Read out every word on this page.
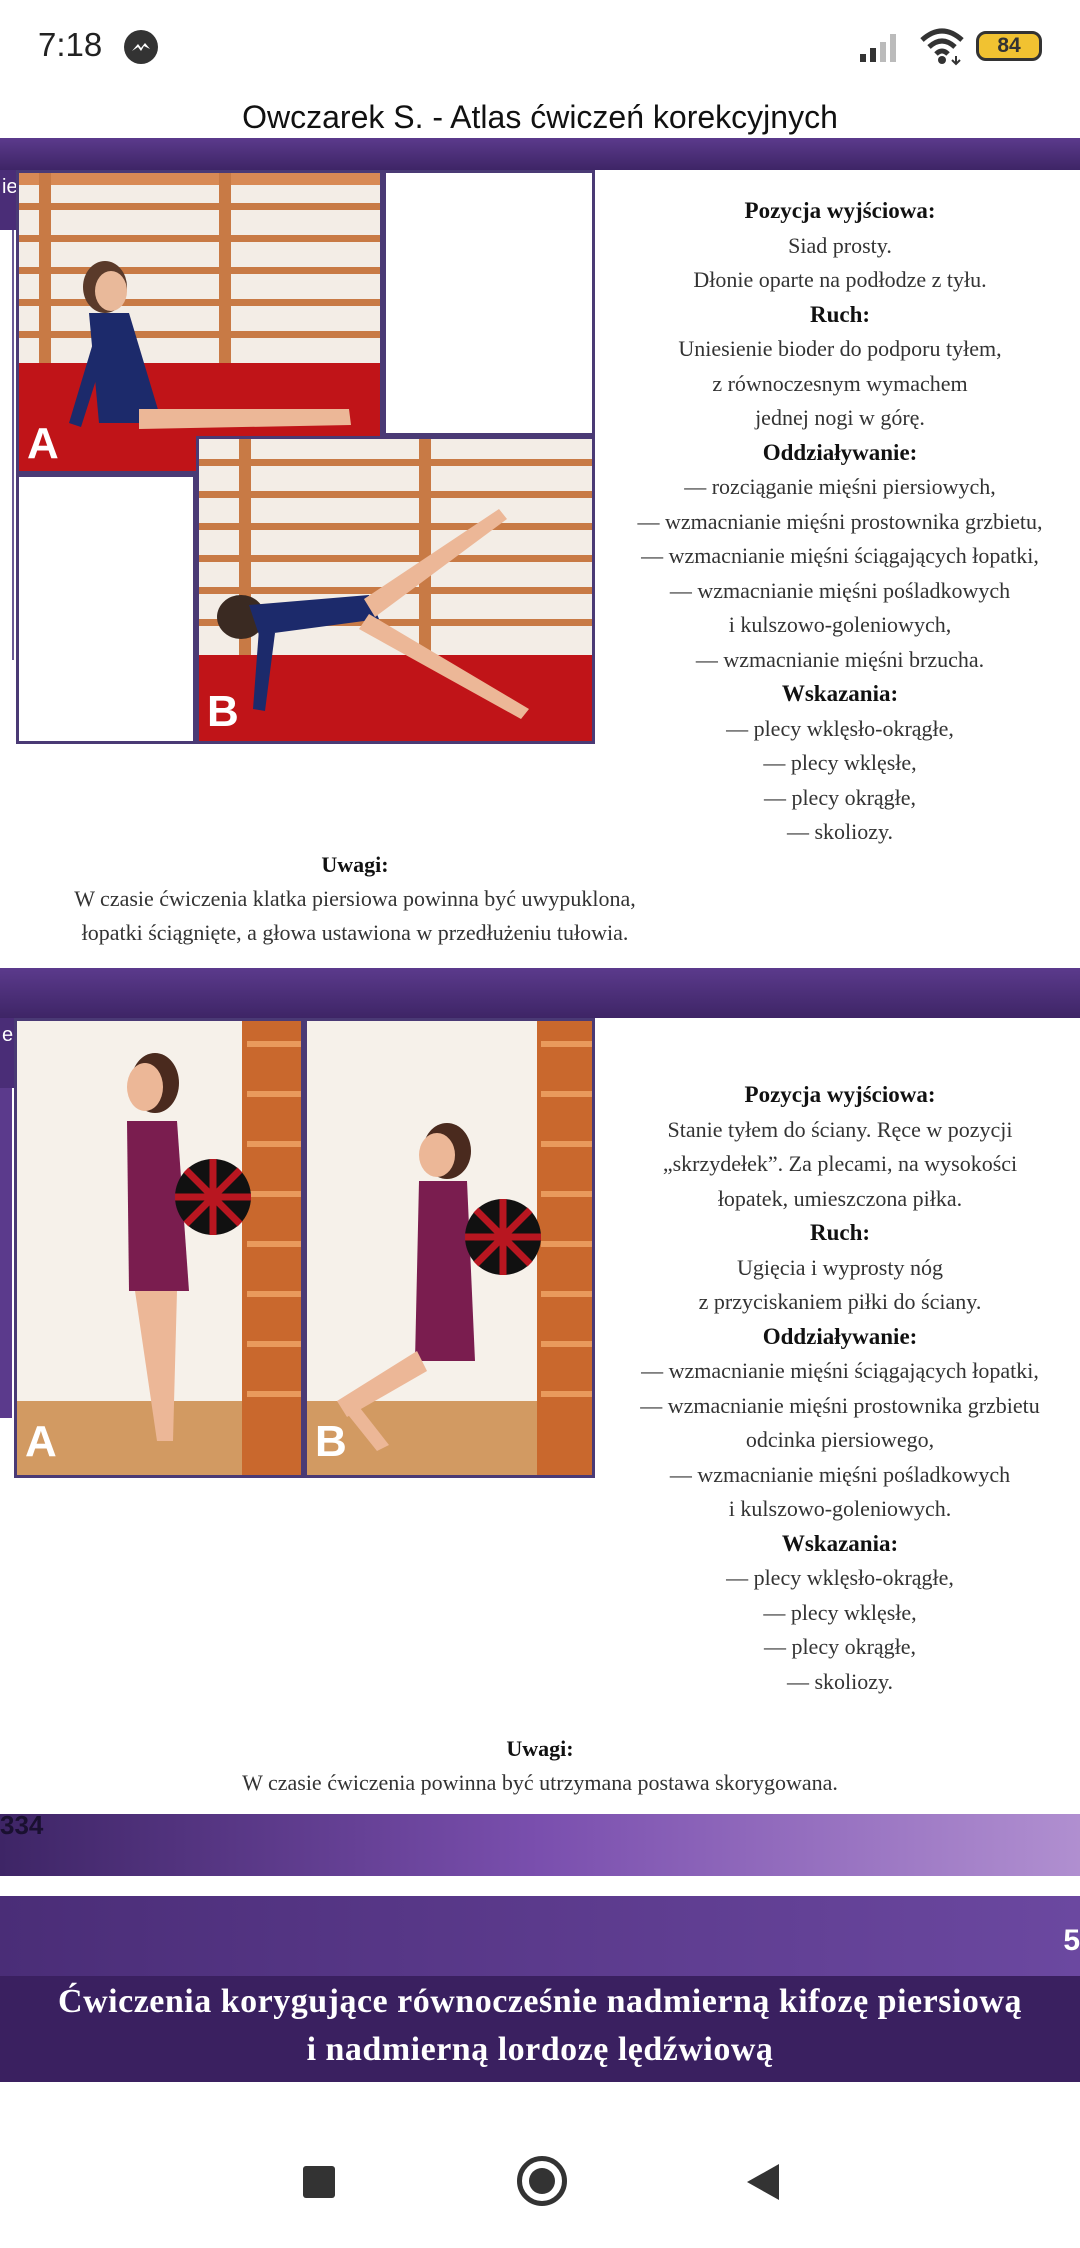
7:18	84
Owczarek S. - Atlas ćwiczeń korekcyjnych
ie
A
B
Pozycja wyjściowa:
Siad prosty.
Dłonie oparte na podłodze z tyłu.
Ruch:
Uniesienie bioder do podporu tyłem,
z równoczesnym wymachem
jednej nogi w górę.
Oddziaływanie:
— rozciąganie mięśni piersiowych,
— wzmacnianie mięśni prostownika grzbietu,
— wzmacnianie mięśni ściągających łopatki,
— wzmacnianie mięśni pośladkowych
i kulszowo-goleniowych,
— wzmacnianie mięśni brzucha.
Wskazania:
— plecy wklęsło-okrągłe,
— plecy wklęsłe,
— plecy okrągłe,
— skoliozy.
Uwagi:
W czasie ćwiczenia klatka piersiowa powinna być uwypuklona,
łopatki ściągnięte, a głowa ustawiona w przedłużeniu tułowia.
e
A	B
Pozycja wyjściowa:
Stanie tyłem do ściany. Ręce w pozycji
„skrzydełek”. Za plecami, na wysokości
łopatek, umieszczona piłka.
Ruch:
Ugięcia i wyprosty nóg
z przyciskaniem piłki do ściany.
Oddziaływanie:
— wzmacnianie mięśni ściągających łopatki,
— wzmacnianie mięśni prostownika grzbietu
odcinka piersiowego,
— wzmacnianie mięśni pośladkowych
i kulszowo-goleniowych.
Wskazania:
— plecy wklęsło-okrągłe,
— plecy wklęsłe,
— plecy okrągłe,
— skoliozy.
Uwagi:
W czasie ćwiczenia powinna być utrzymana postawa skorygowana.
334
5
Ćwiczenia korygujące równocześnie nadmierną kifozę piersiową
i nadmierną lordozę lędźwiową
